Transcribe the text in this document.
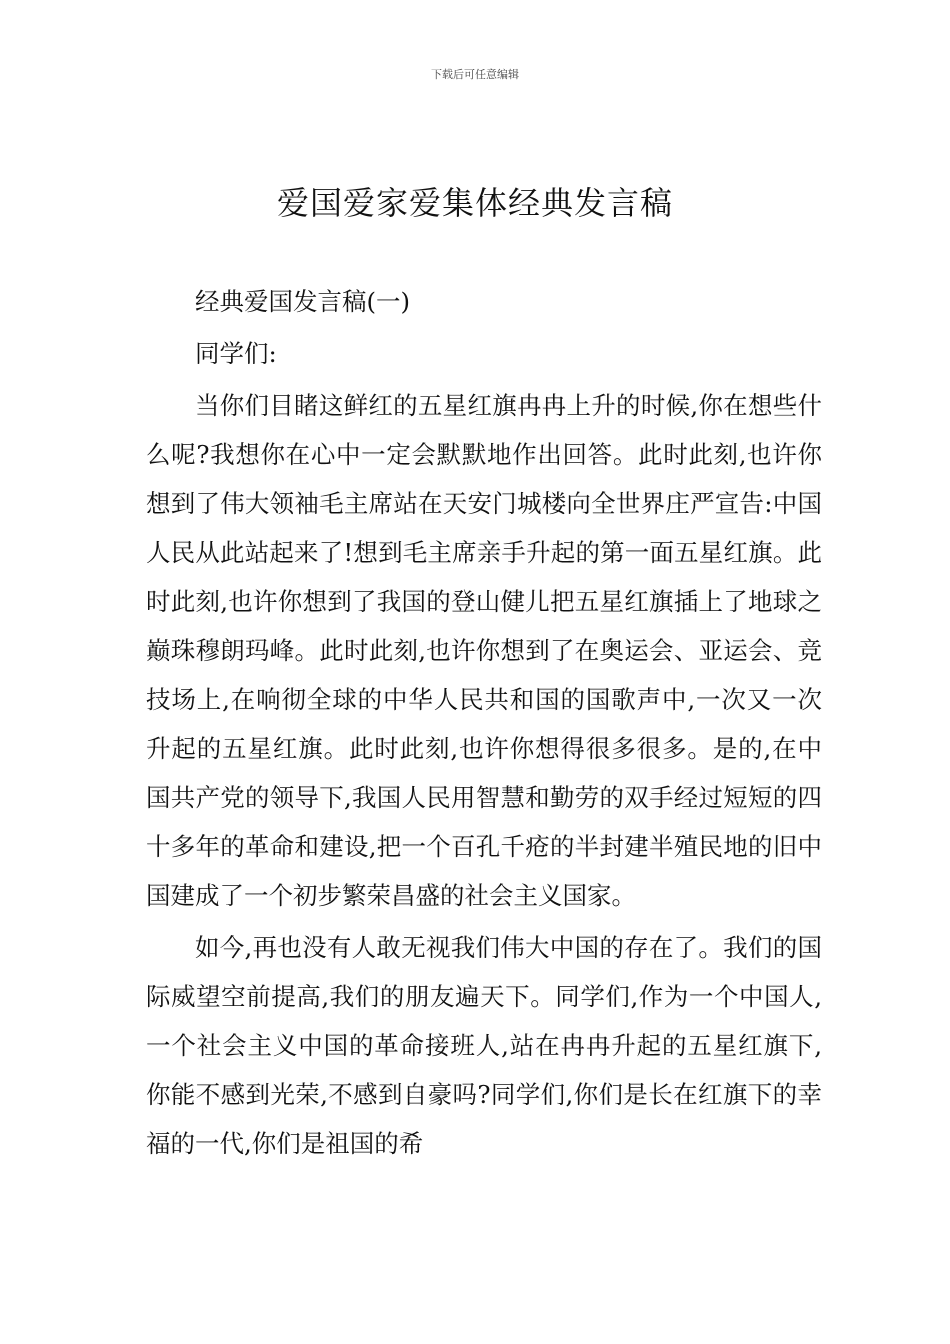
下载后可任意编辑
爱国爱家爱集体经典发言稿

经典爱国发言稿(一)

同学们:

当你们目睹这鲜红的五星红旗冉冉上升的时候,你在想些什么呢?我想你在心中一定会默默地作出回答。此时此刻,也许你想到了伟大领袖毛主席站在天安门城楼向全世界庄严宣告:中国人民从此站起来了!想到毛主席亲手升起的第一面五星红旗。此时此刻,也许你想到了我国的登山健儿把五星红旗插上了地球之巅珠穆朗玛峰。此时此刻,也许你想到了在奥运会、亚运会、竞技场上,在响彻全球的中华人民共和国的国歌声中,一次又一次升起的五星红旗。此时此刻,也许你想得很多很多。是的,在中国共产党的领导下,我国人民用智慧和勤劳的双手经过短短的四十多年的革命和建设,把一个百孔千疮的半封建半殖民地的旧中国建成了一个初步繁荣昌盛的社会主义国家。

如今,再也没有人敢无视我们伟大中国的存在了。我们的国际威望空前提高,我们的朋友遍天下。同学们,作为一个中国人,一个社会主义中国的革命接班人,站在冉冉升起的五星红旗下,你能不感到光荣,不感到自豪吗?同学们,你们是长在红旗下的幸福的一代,你们是祖国的希
